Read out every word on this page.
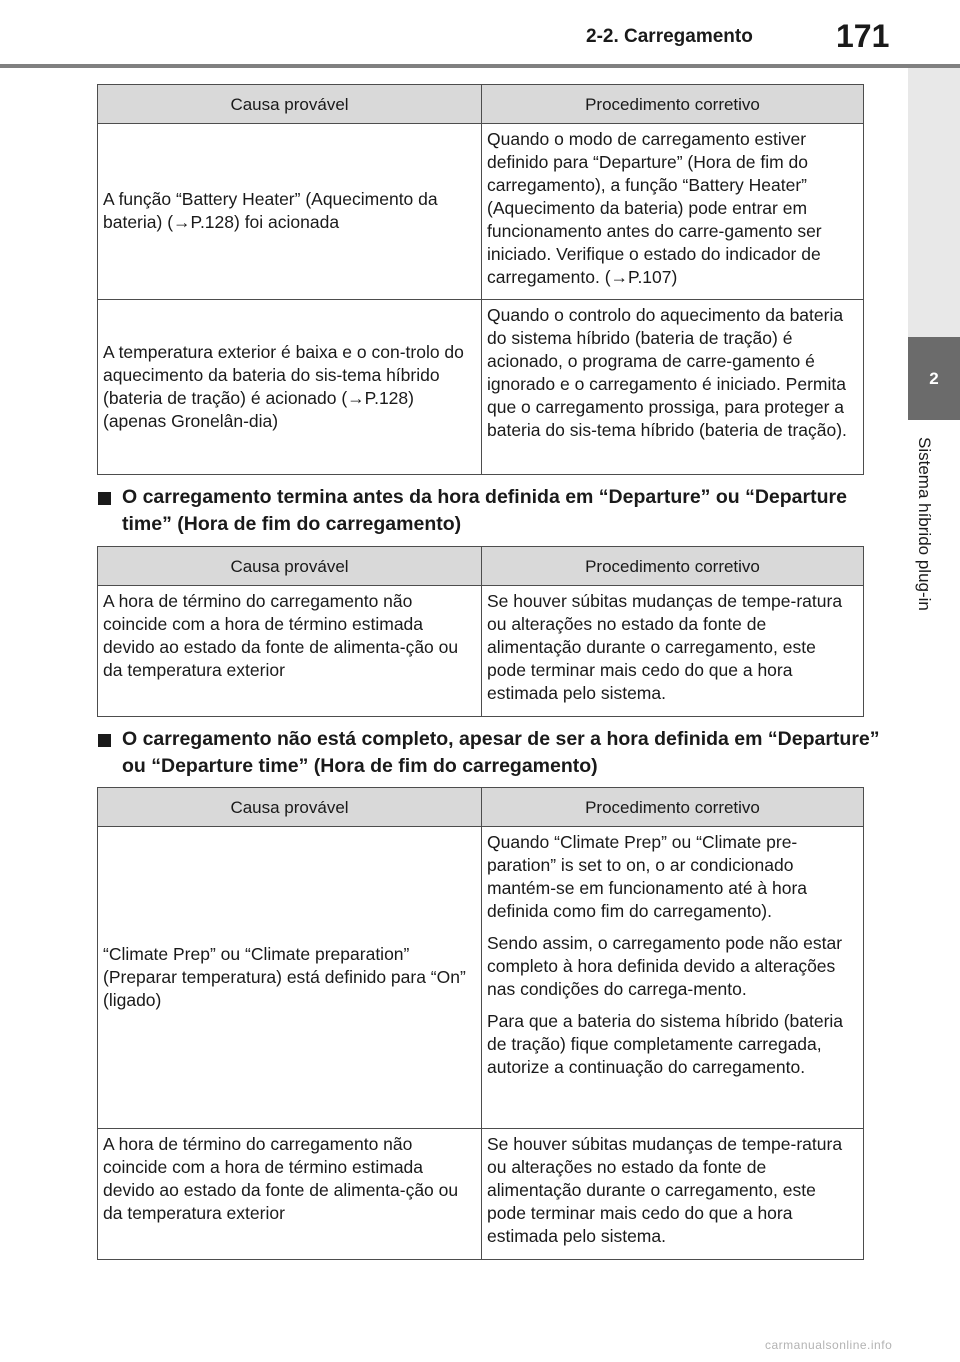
2-2. Carregamento	171
2
Sistema híbrido plug-in
Causa provável	Procedimento corretivo
A função “Battery Heater” (Aquecimento da bateria) (→P.128) foi acionada	Quando o modo de carregamento estiver definido para “Departure” (Hora de fim do carregamento), a função “Battery Heater” (Aquecimento da bateria) pode entrar em funcionamento antes do carre-gamento ser iniciado. Verifique o estado do indicador de carregamento. (→P.107)

A temperatura exterior é baixa e o con-trolo do aquecimento da bateria do sis-tema híbrido (bateria de tração) é acionado (→P.128) (apenas Gronelân-dia)	Quando o controlo do aquecimento da bateria do sistema híbrido (bateria de tração) é acionado, o programa de carre-gamento é ignorado e o carregamento é iniciado. Permita que o carregamento prossiga, para proteger a bateria do sis-tema híbrido (bateria de tração).

O carregamento termina antes da hora definida em “Departure” ou “Departure time” (Hora de fim do carregamento)
Causa provável	Procedimento corretivo
A hora de término do carregamento não coincide com a hora de término estimada devido ao estado da fonte de alimenta-ção ou da temperatura exterior	Se houver súbitas mudanças de tempe-ratura ou alterações no estado da fonte de alimentação durante o carregamento, este pode terminar mais cedo do que a hora estimada pelo sistema.

O carregamento não está completo, apesar de ser a hora definida em “Departure” ou “Departure time” (Hora de fim do carregamento)
Causa provável	Procedimento corretivo
“Climate Prep” ou “Climate preparation” (Preparar temperatura) está definido para “On” (ligado)	Quando “Climate Prep” ou “Climate pre-paration” is set to on, o ar condicionado mantém-se em funcionamento até à hora definida como fim do carregamento).

Sendo assim, o carregamento pode não estar completo à hora definida devido a alterações nas condições do carrega-mento.

Para que a bateria do sistema híbrido (bateria de tração) fique completamente carregada, autorize a continuação do carregamento.

A hora de término do carregamento não coincide com a hora de término estimada devido ao estado da fonte de alimenta-ção ou da temperatura exterior	Se houver súbitas mudanças de tempe-ratura ou alterações no estado da fonte de alimentação durante o carregamento, este pode terminar mais cedo do que a hora estimada pelo sistema.

carmanualsonline.info
